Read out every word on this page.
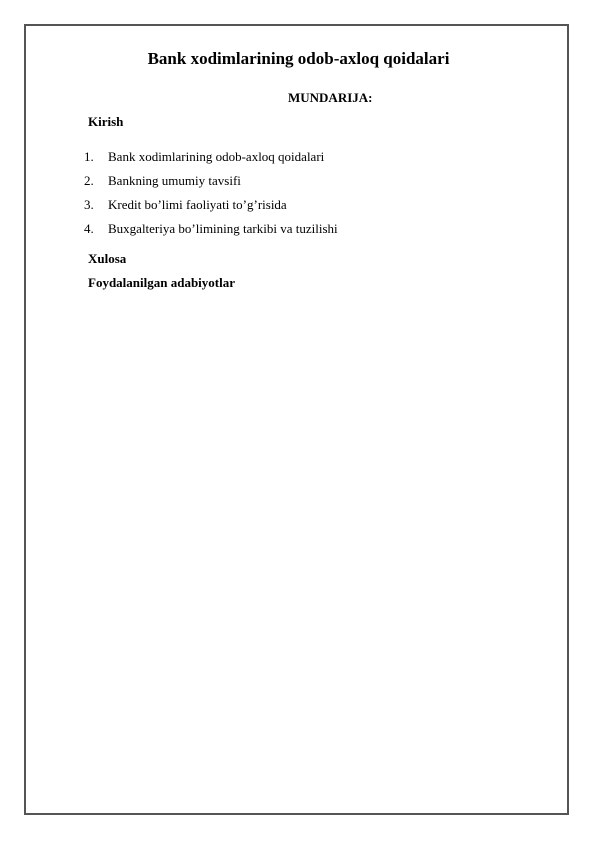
Bank xodimlarining odob-axloq qoidalari
MUNDARIJA:
Kirish
1.	Bank xodimlarining odob-axloq qoidalari
2.	Bankning umumiy tavsifi
3.	Kredit bo’limi faoliyati to’g’risida
4.	Buxgalteriya bo’limining tarkibi va tuzilishi
Xulosa
Foydalanilgan adabiyotlar
